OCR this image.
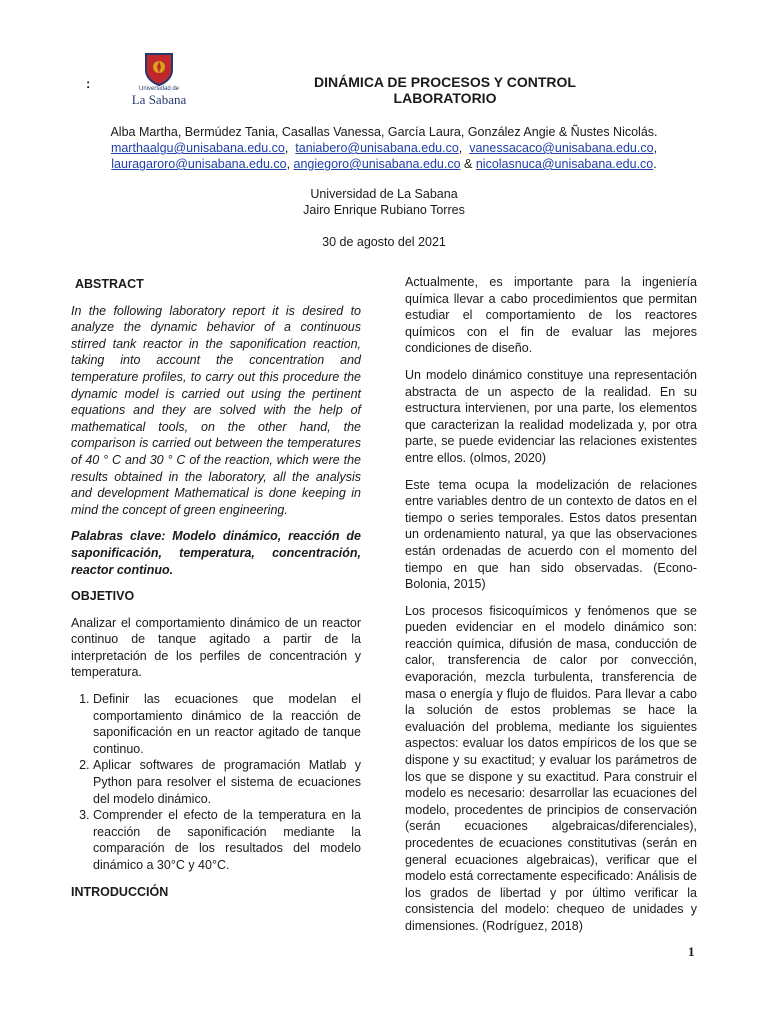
:	Universidad de
La Sabana
DINÁMICA DE PROCESOS Y CONTROL
LABORATORIO
Alba Martha, Bermúdez Tania, Casallas Vanessa, García Laura, González Angie & Ñustes Nicolás.
marthaalgu@unisabana.edu.co,  taniabero@unisabana.edu.co,  vanessacaco@unisabana.edu.co,
lauragaroro@unisabana.edu.co, angiegoro@unisabana.edu.co & nicolasnuca@unisabana.edu.co.
Universidad de La Sabana
Jairo Enrique Rubiano Torres
30 de agosto del 2021

ABSTRACT

In the following laboratory report it is desired to analyze the dynamic behavior of a continuous stirred tank reactor in the saponification reaction, taking into account the concentration and temperature profiles, to carry out this procedure the dynamic model is carried out using the pertinent equations and they are solved with the help of mathematical tools, on the other hand, the comparison is carried out between the temperatures of 40 ° C and 30 ° C of the reaction, which were the results obtained in the laboratory, all the analysis and development Mathematical is done keeping in mind the concept of green engineering.

Palabras clave: Modelo dinámico, reacción de saponificación, temperatura, concentración, reactor continuo.

OBJETIVO

Analizar el comportamiento dinámico de un reactor continuo de tanque agitado a partir de la interpretación de los perfiles de concentración y temperatura.

1. Definir las ecuaciones que modelan el comportamiento dinámico de la reacción de saponificación en un reactor agitado de tanque continuo.
2. Aplicar softwares de programación Matlab y Python para resolver el sistema de ecuaciones del modelo dinámico.
3. Comprender el efecto de la temperatura en la reacción de saponificación mediante la comparación de los resultados del modelo dinámico a 30°C y 40°C.

INTRODUCCIÓN

Actualmente, es importante para la ingeniería química llevar a cabo procedimientos que permitan estudiar el comportamiento de los reactores químicos con el fin de evaluar las mejores condiciones de diseño.

Un modelo dinámico constituye una representación abstracta de un aspecto de la realidad. En su estructura intervienen, por una parte, los elementos que caracterizan la realidad modelizada y, por otra parte, se puede evidenciar las relaciones existentes entre ellos. (olmos, 2020)

Este tema ocupa la modelización de relaciones entre variables dentro de un contexto de datos en el tiempo o series temporales. Estos datos presentan un ordenamiento natural, ya que las observaciones están ordenadas de acuerdo con el momento del tiempo en que han sido observadas. (Econo-Bolonia, 2015)

Los procesos fisicoquímicos y fenómenos que se pueden evidenciar en el modelo dinámico son: reacción química, difusión de masa, conducción de calor, transferencia de calor por convección, evaporación, mezcla turbulenta, transferencia de masa o energía y flujo de fluidos. Para llevar a cabo la solución de estos problemas se hace la evaluación del problema, mediante los siguientes aspectos: evaluar los datos empíricos de los que se dispone y su exactitud; y evaluar los parámetros de los que se dispone y su exactitud. Para construir el modelo es necesario: desarrollar las ecuaciones del modelo, procedentes de principios de conservación (serán ecuaciones algebraicas/diferenciales), procedentes de ecuaciones constitutivas (serán en general ecuaciones algebraicas), verificar que el modelo está correctamente especificado: Análisis de los grados de libertad y por último verificar la consistencia del modelo: chequeo de unidades y dimensiones. (Rodríguez, 2018)

1
